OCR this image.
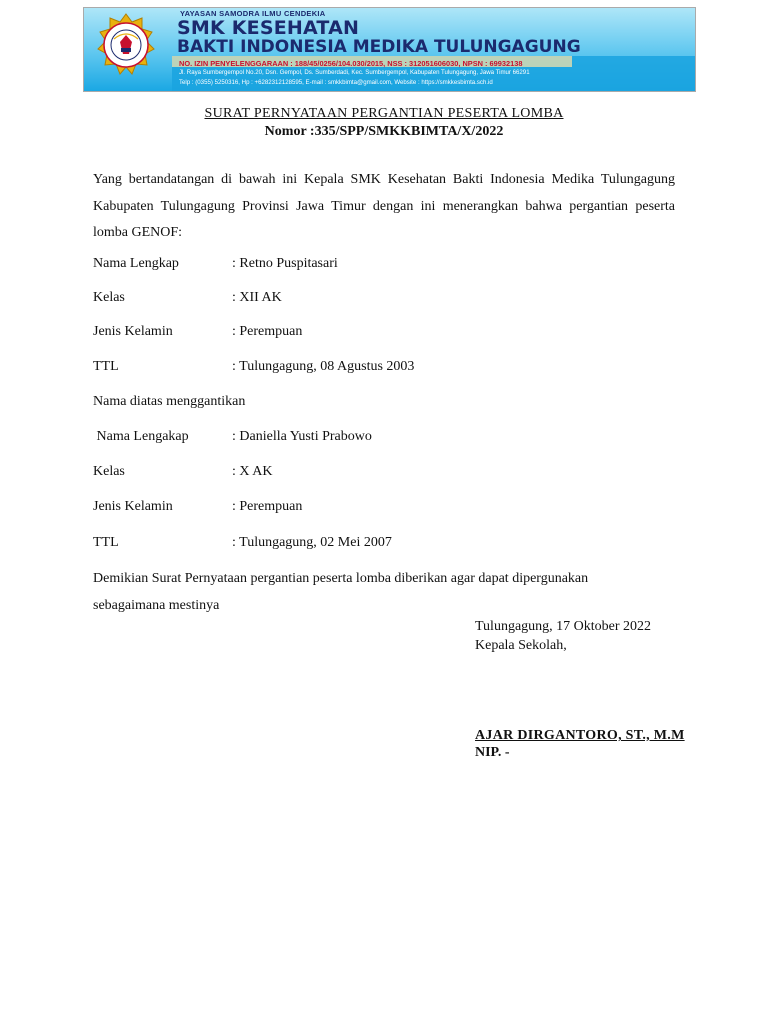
YAYASAN SAMODRA ILMU CENDEKIA
SMK KESEHATAN
BAKTI INDONESIA MEDIKA TULUNGAGUNG
NO. IZIN PENYELENGGARAAN : 188/45/0256/104.030/2015, NSS : 312051606030, NPSN : 69932138
Jl. Raya Sumbergempol No.20, Dsn. Gempol, Ds. Sumberdadi, Kec. Sumbergempol, Kabupaten Tulungagung, Jawa Timur 66291
Telp : (0355) 5250316, Hp : +6282312128595, E-mail : smkkbimta@gmail.com, Website : https://smkkesbimta.sch.id
SURAT PERNYATAAN PERGANTIAN PESERTA LOMBA
Nomor :335/SPP/SMKKBIMTA/X/2022
Yang bertandatangan di bawah ini Kepala SMK Kesehatan Bakti Indonesia Medika Tulungagung Kabupaten Tulungagung Provinsi Jawa Timur dengan ini menerangkan bahwa pergantian peserta lomba GENOF:
Nama Lengkap	: Retno Puspitasari
Kelas	: XII AK
Jenis Kelamin	: Perempuan
TTL	: Tulungagung, 08 Agustus 2003
Nama diatas menggantikan
Nama Lengakap	: Daniella Yusti Prabowo
Kelas	: X AK
Jenis Kelamin	: Perempuan
TTL	: Tulungagung, 02 Mei 2007
Demikian Surat Pernyataan pergantian peserta lomba diberikan agar dapat dipergunakan sebagaimana mestinya
Tulungagung, 17 Oktober 2022
Kepala Sekolah,
AJAR DIRGANTORO, ST., M.M
NIP. -
